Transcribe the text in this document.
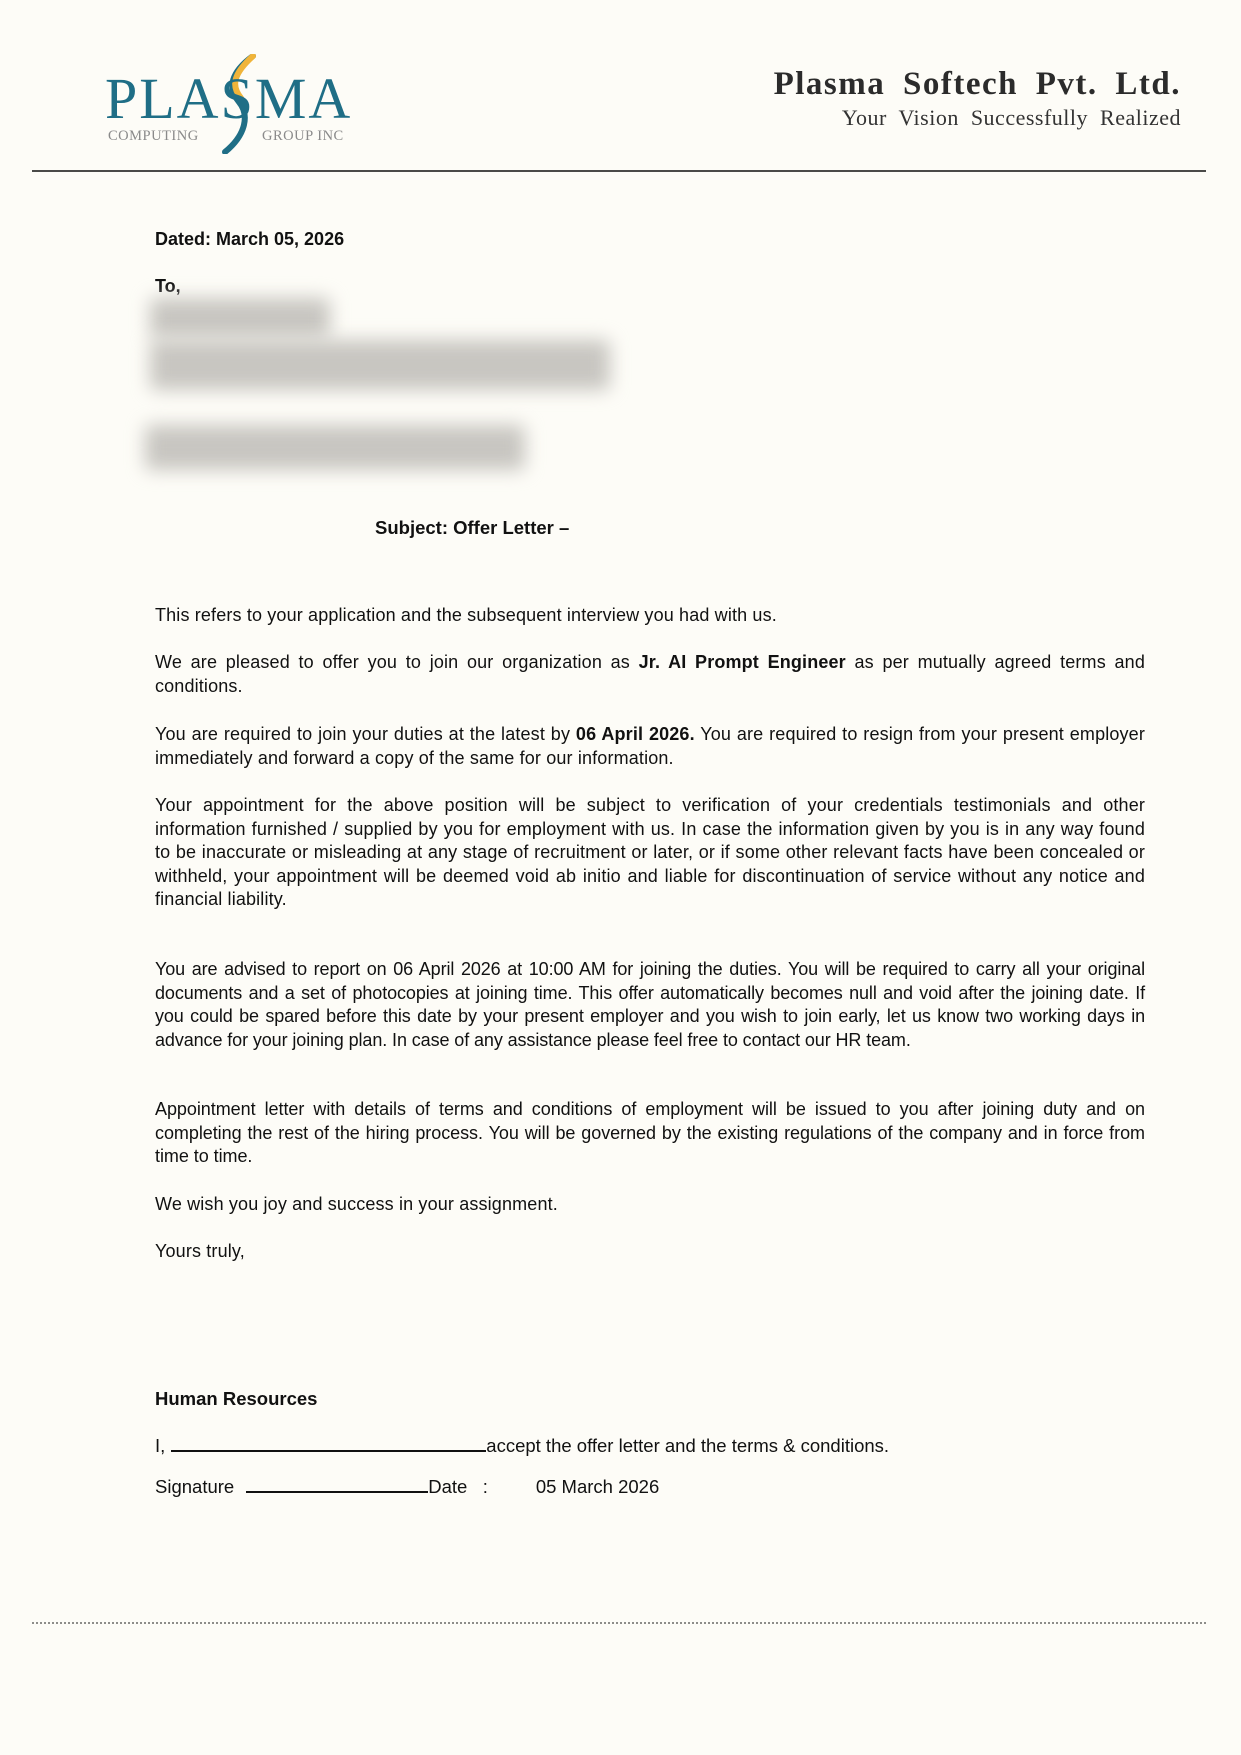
PLASMA
COMPUTING	GROUP INC
Plasma Softech Pvt. Ltd.
Your Vision Successfully Realized
Dated: March 05, 2026
To,
Subject: Offer Letter –
This refers to your application and the subsequent interview you had with us.
We are pleased to offer you to join our organization as Jr. AI Prompt Engineer as per mutually agreed terms and conditions.
You are required to join your duties at the latest by 06 April 2026. You are required to resign from your present employer immediately and forward a copy of the same for our information.
Your appointment for the above position will be subject to verification of your credentials testimonials and other information furnished / supplied by you for employment with us. In case the information given by you is in any way found to be inaccurate or misleading at any stage of recruitment or later, or if some other relevant facts have been concealed or withheld, your appointment will be deemed void ab initio and liable for discontinuation of service without any notice and financial liability.
You are advised to report on 06 April 2026 at 10:00 AM for joining the duties. You will be required to carry all your original documents and a set of photocopies at joining time. This offer automatically becomes null and void after the joining date. If you could be spared before this date by your present employer and you wish to join early, let us know two working days in advance for your joining plan. In case of any assistance please feel free to contact our HR team.
Appointment letter with details of terms and conditions of employment will be issued to you after joining duty and on completing the rest of the hiring process. You will be governed by the existing regulations of the company and in force from time to time.
We wish you joy and success in your assignment.
Yours truly,
Human Resources
I,	accept the offer letter and the terms & conditions.
Signature	Date   :	05 March 2026
